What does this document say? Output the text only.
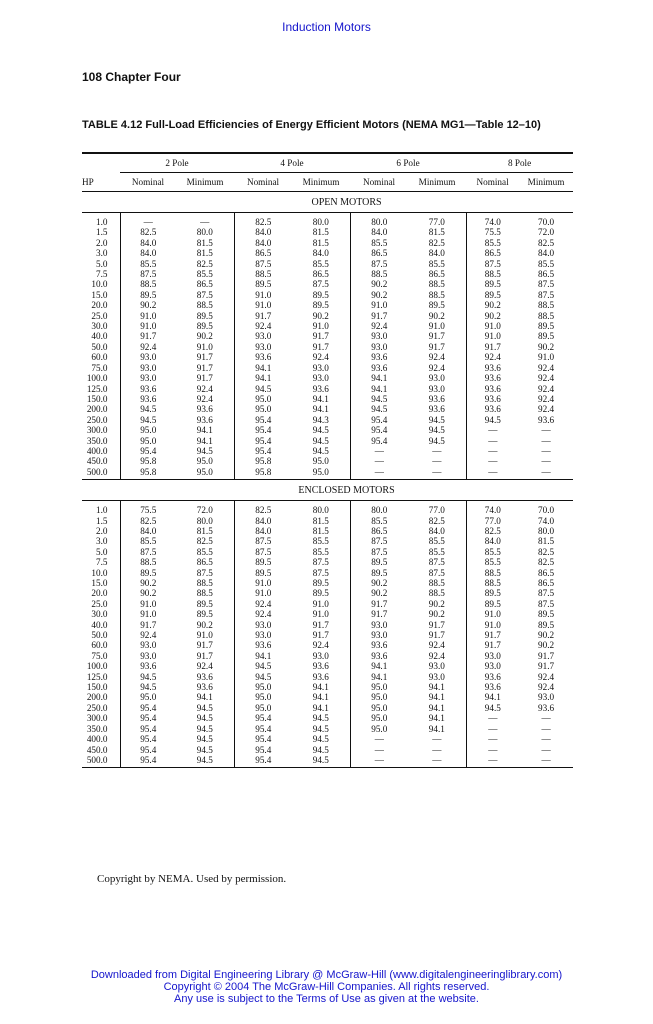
Induction Motors
108 Chapter Four
TABLE 4.12 Full-Load Efficiencies of Energy Efficient Motors (NEMA MG1—Table 12–10)
	2 Pole		4 Pole		6 Pole		8 Pole	
HP	Nominal	Minimum	Nominal	Minimum	Nominal	Minimum	Nominal	Minimum
	OPEN MOTORS							
1.0	—	—	82.5	80.0	80.0	77.0	74.0	70.0
1.5	82.5	80.0	84.0	81.5	84.0	81.5	75.5	72.0
2.0	84.0	81.5	84.0	81.5	85.5	82.5	85.5	82.5
3.0	84.0	81.5	86.5	84.0	86.5	84.0	86.5	84.0
5.0	85.5	82.5	87.5	85.5	87.5	85.5	87.5	85.5
7.5	87.5	85.5	88.5	86.5	88.5	86.5	88.5	86.5
10.0	88.5	86.5	89.5	87.5	90.2	88.5	89.5	87.5
15.0	89.5	87.5	91.0	89.5	90.2	88.5	89.5	87.5
20.0	90.2	88.5	91.0	89.5	91.0	89.5	90.2	88.5
25.0	91.0	89.5	91.7	90.2	91.7	90.2	90.2	88.5
30.0	91.0	89.5	92.4	91.0	92.4	91.0	91.0	89.5
40.0	91.7	90.2	93.0	91.7	93.0	91.7	91.0	89.5
50.0	92.4	91.0	93.0	91.7	93.0	91.7	91.7	90.2
60.0	93.0	91.7	93.6	92.4	93.6	92.4	92.4	91.0
75.0	93.0	91.7	94.1	93.0	93.6	92.4	93.6	92.4
100.0	93.0	91.7	94.1	93.0	94.1	93.0	93.6	92.4
125.0	93.6	92.4	94.5	93.6	94.1	93.0	93.6	92.4
150.0	93.6	92.4	95.0	94.1	94.5	93.6	93.6	92.4
200.0	94.5	93.6	95.0	94.1	94.5	93.6	93.6	92.4
250.0	94.5	93.6	95.4	94.3	95.4	94.5	94.5	93.6
300.0	95.0	94.1	95.4	94.5	95.4	94.5	—	—
350.0	95.0	94.1	95.4	94.5	95.4	94.5	—	—
400.0	95.4	94.5	95.4	94.5	—	—	—	—
450.0	95.8	95.0	95.8	95.0	—	—	—	—
500.0	95.8	95.0	95.8	95.0	—	—	—	—
	ENCLOSED MOTORS							
1.0	75.5	72.0	82.5	80.0	80.0	77.0	74.0	70.0
1.5	82.5	80.0	84.0	81.5	85.5	82.5	77.0	74.0
2.0	84.0	81.5	84.0	81.5	86.5	84.0	82.5	80.0
3.0	85.5	82.5	87.5	85.5	87.5	85.5	84.0	81.5
5.0	87.5	85.5	87.5	85.5	87.5	85.5	85.5	82.5
7.5	88.5	86.5	89.5	87.5	89.5	87.5	85.5	82.5
10.0	89.5	87.5	89.5	87.5	89.5	87.5	88.5	86.5
15.0	90.2	88.5	91.0	89.5	90.2	88.5	88.5	86.5
20.0	90.2	88.5	91.0	89.5	90.2	88.5	89.5	87.5
25.0	91.0	89.5	92.4	91.0	91.7	90.2	89.5	87.5
30.0	91.0	89.5	92.4	91.0	91.7	90.2	91.0	89.5
40.0	91.7	90.2	93.0	91.7	93.0	91.7	91.0	89.5
50.0	92.4	91.0	93.0	91.7	93.0	91.7	91.7	90.2
60.0	93.0	91.7	93.6	92.4	93.6	92.4	91.7	90.2
75.0	93.0	91.7	94.1	93.0	93.6	92.4	93.0	91.7
100.0	93.6	92.4	94.5	93.6	94.1	93.0	93.0	91.7
125.0	94.5	93.6	94.5	93.6	94.1	93.0	93.6	92.4
150.0	94.5	93.6	95.0	94.1	95.0	94.1	93.6	92.4
200.0	95.0	94.1	95.0	94.1	95.0	94.1	94.1	93.0
250.0	95.4	94.5	95.0	94.1	95.0	94.1	94.5	93.6
300.0	95.4	94.5	95.4	94.5	95.0	94.1	—	—
350.0	95.4	94.5	95.4	94.5	95.0	94.1	—	—
400.0	95.4	94.5	95.4	94.5	—	—	—	—
450.0	95.4	94.5	95.4	94.5	—	—	—	—
500.0	95.4	94.5	95.4	94.5	—	—	—	—
Copyright by NEMA. Used by permission.
Downloaded from Digital Engineering Library @ McGraw-Hill (www.digitalengineeringlibrary.com)
Copyright © 2004 The McGraw-Hill Companies. All rights reserved.
Any use is subject to the Terms of Use as given at the website.
